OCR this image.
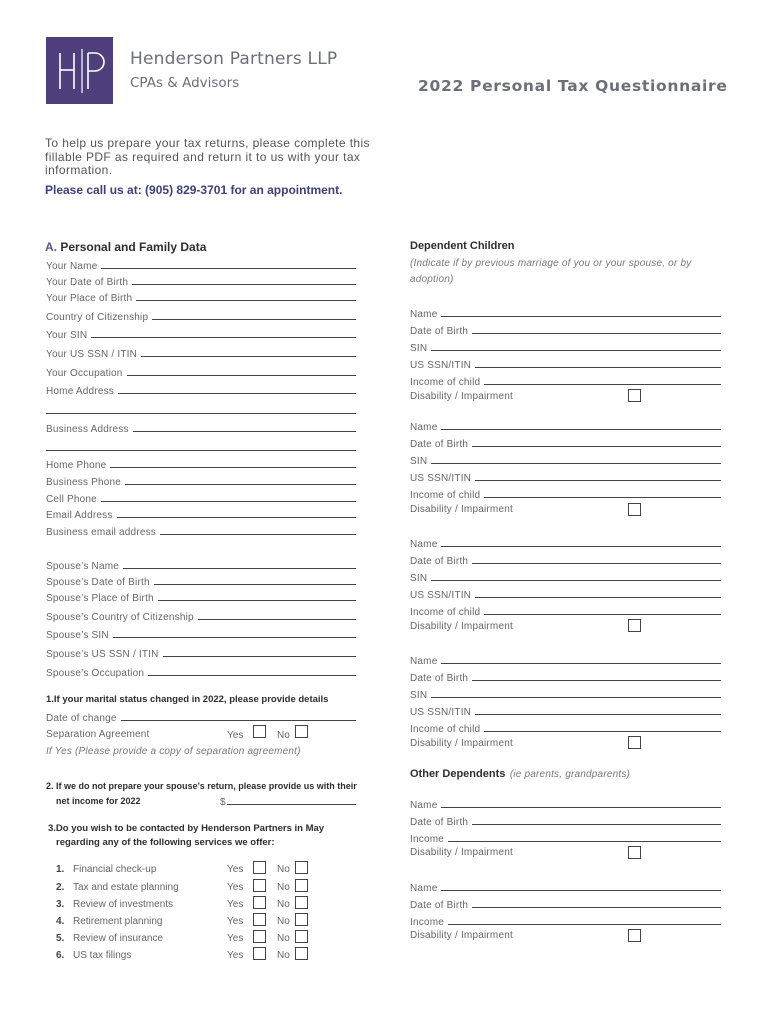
Henderson Partners LLP
CPAs & Advisors	2022 Personal Tax Questionnaire
To help us prepare your tax returns, please complete this fillable PDF as required and return it to us with your tax information.
Please call us at: (905) 829-3701 for an appointment.
A. Personal and Family Data
Your Name
Your Date of Birth
Your Place of Birth
Country of Citizenship
Your SIN
Your US SSN / ITIN
Your Occupation
Home Address
Business Address
Home Phone
Business Phone
Cell Phone
Email Address
Business email address
Spouse’s Name
Spouse’s Date of Birth
Spouse’s Place of Birth
Spouse’s Country of Citizenship
Spouse’s SIN
Spouse’s US SSN / ITIN
Spouse’s Occupation
1.If your marital status changed in 2022, please provide details
Date of change
Separation Agreement	Yes	No
If Yes (Please provide a copy of separation agreement)
2. If we do not prepare your spouse’s return, please provide us with their
net income for 2022	$
3.Do you wish to be contacted by Henderson Partners in May
regarding any of the following services we offer:
1. Financial check-up	Yes	No
2. Tax and estate planning	Yes	No
3. Review of investments	Yes	No
4. Retirement planning	Yes	No
5. Review of insurance	Yes	No
6. US tax filings	Yes	No
Dependent Children
(Indicate if by previous marriage of you or your spouse, or by adoption)
Name
Date of Birth
SIN
US SSN/ITIN
Income of child
Disability / Impairment
Name
Date of Birth
SIN
US SSN/ITIN
Income of child
Disability / Impairment
Name
Date of Birth
SIN
US SSN/ITIN
Income of child
Disability / Impairment
Name
Date of Birth
SIN
US SSN/ITIN
Income of child
Disability / Impairment
Other Dependents (ie parents, grandparents)
Name
Date of Birth
Income
Disability / Impairment
Name
Date of Birth
Income
Disability / Impairment
